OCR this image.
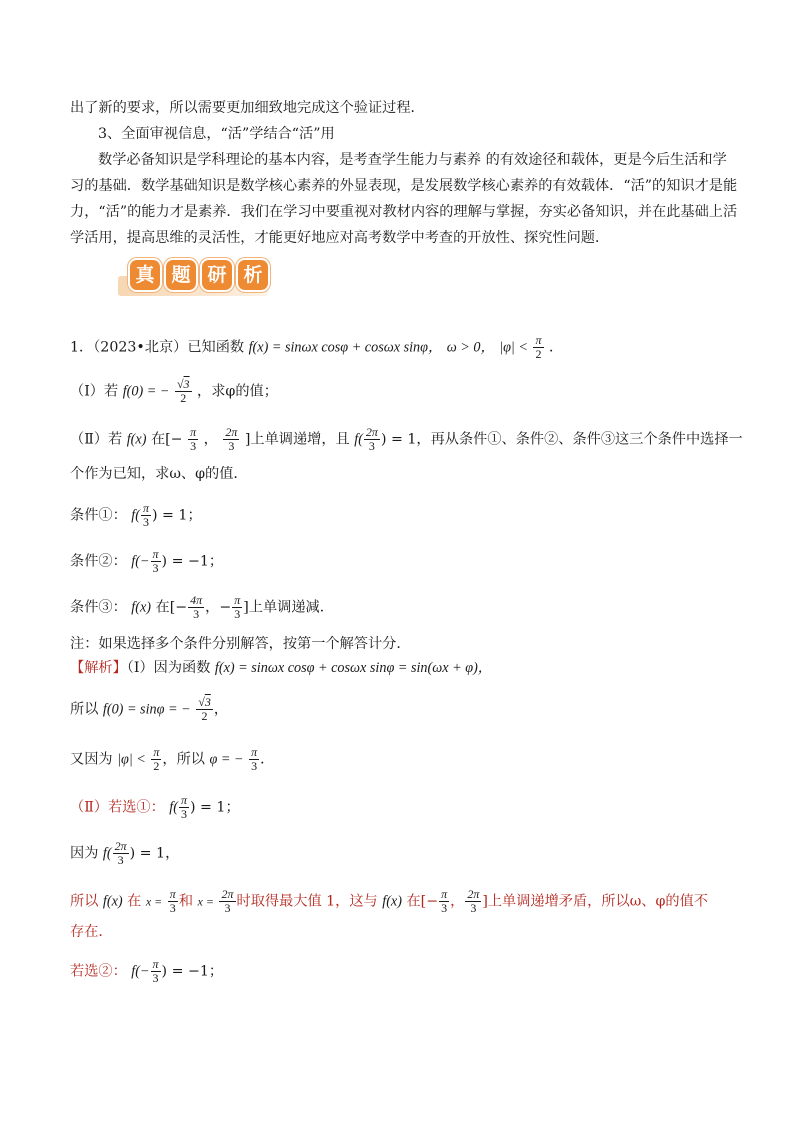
出了新的要求，所以需要更加细致地完成这个验证过程．
3、全面审视信息，“活”学结合“活”用
数学必备知识是学科理论的基本内容，是考查学生能力与素养 的有效途径和载体，更是今后生活和学
习的基础．数学基础知识是数学核心素养的外显表现，是发展数学核心素养的有效载体．“活”的知识才是能
力，“活”的能力才是素养．我们在学习中要重视对教材内容的理解与掌握，夯实必备知识，并在此基础上活
学活用，提高思维的灵活性，才能更好地应对高考数学中考查的开放性、探究性问题．
真 题 研 析
1．（2023•北京）已知函数 f(x) = sinωx cosφ + cosωx sinφ， ω > 0， $|\varphi| < \frac{\pi}{2}$ ．
（Ⅰ）若 f(0) = − $\frac{√3}{2}$ ，求φ的值；
（Ⅱ）若 f(x) 在[− $\frac{\pi}{3}$ ， $\frac{2\pi}{3}$ ]上单调递增，且 $f( \frac{2\pi}{3}$ ) = 1，再从条件①、条件②、条件③这三个条件中选择一
个作为已知，求ω、φ的值．
条件①： $f( \frac{\pi}{3}$ ) = 1；
条件②： $f(- \frac{\pi}{3}$ ) = −1；
条件③： f(x) 在[− $\frac{4\pi}{3}$ ，− $\frac{\pi}{3}$ ]上单调递减．
注：如果选择多个条件分别解答，按第一个解答计分．
【解析】（Ⅰ）因为函数 f(x) = sinωx cosφ + cosωx sinφ = sin(ωx + φ)，
所以 f(0) = sinφ = − $\frac{√3}{2}$ ，
又因为 $|\varphi| < \frac{\pi}{2}$ ，所以 φ = − $\frac{\pi}{3}$ ．
（Ⅱ）若选①： $f( \frac{\pi}{3}$ ) = 1；
因为 $f( \frac{2\pi}{3}$ ) = 1，
所以 f(x) 在 $x = \frac{\pi}{3}$ 和 $x = \frac{2\pi}{3}$ 时取得最大值 1，这与 f(x) 在[− $\frac{\pi}{3}$ ， $\frac{2\pi}{3}$ ]上单调递增矛盾，所以ω、φ的值不
存在．
若选②： $f(- \frac{\pi}{3}$ ) = −1；
